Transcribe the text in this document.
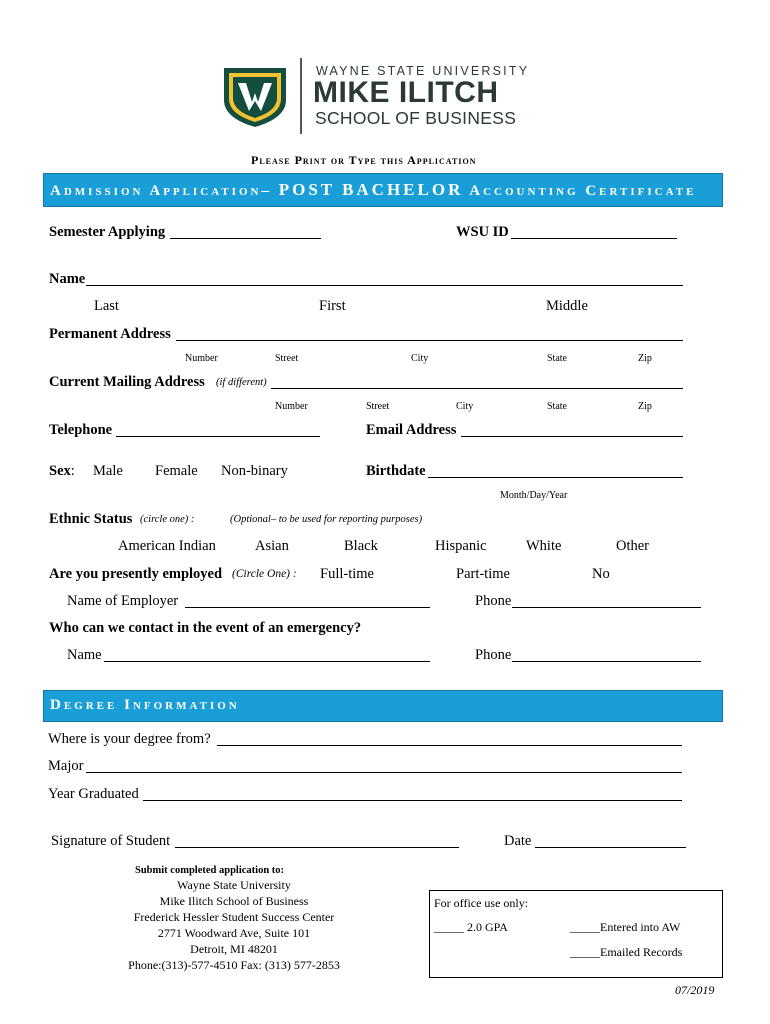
WAYNE STATE UNIVERSITY
MIKE ILITCH
SCHOOL OF BUSINESS
Please Print or Type this Application
Admission Application– POST BACHELOR Accounting Certificate
Semester Applying	WSU ID
Name
Last	First	Middle
Permanent Address
Number	Street	City	State	Zip
Current Mailing Address (if different)
Number	Street	City	State	Zip
Telephone	Email Address
Sex: Male Female Non-binary	Birthdate
Month/Day/Year
Ethnic Status (circle one) :	(Optional– to be used for reporting purposes)
American Indian	Asian	Black	Hispanic	White	Other
Are you presently employed (Circle One) : Full-time	Part-time	No
Name of Employer	Phone
Who can we contact in the event of an emergency?
Name	Phone
Degree Information
Where is your degree from?
Major
Year Graduated
Signature of Student	Date
Submit completed application to:
Wayne State University
Mike Ilitch School of Business
Frederick Hessler Student Success Center
2771 Woodward Ave, Suite 101
Detroit, MI 48201
Phone:(313)-577-4510 Fax: (313) 577-2853
For office use only:
_____ 2.0 GPA	_____Entered into AW
_____Emailed Records
07/2019
